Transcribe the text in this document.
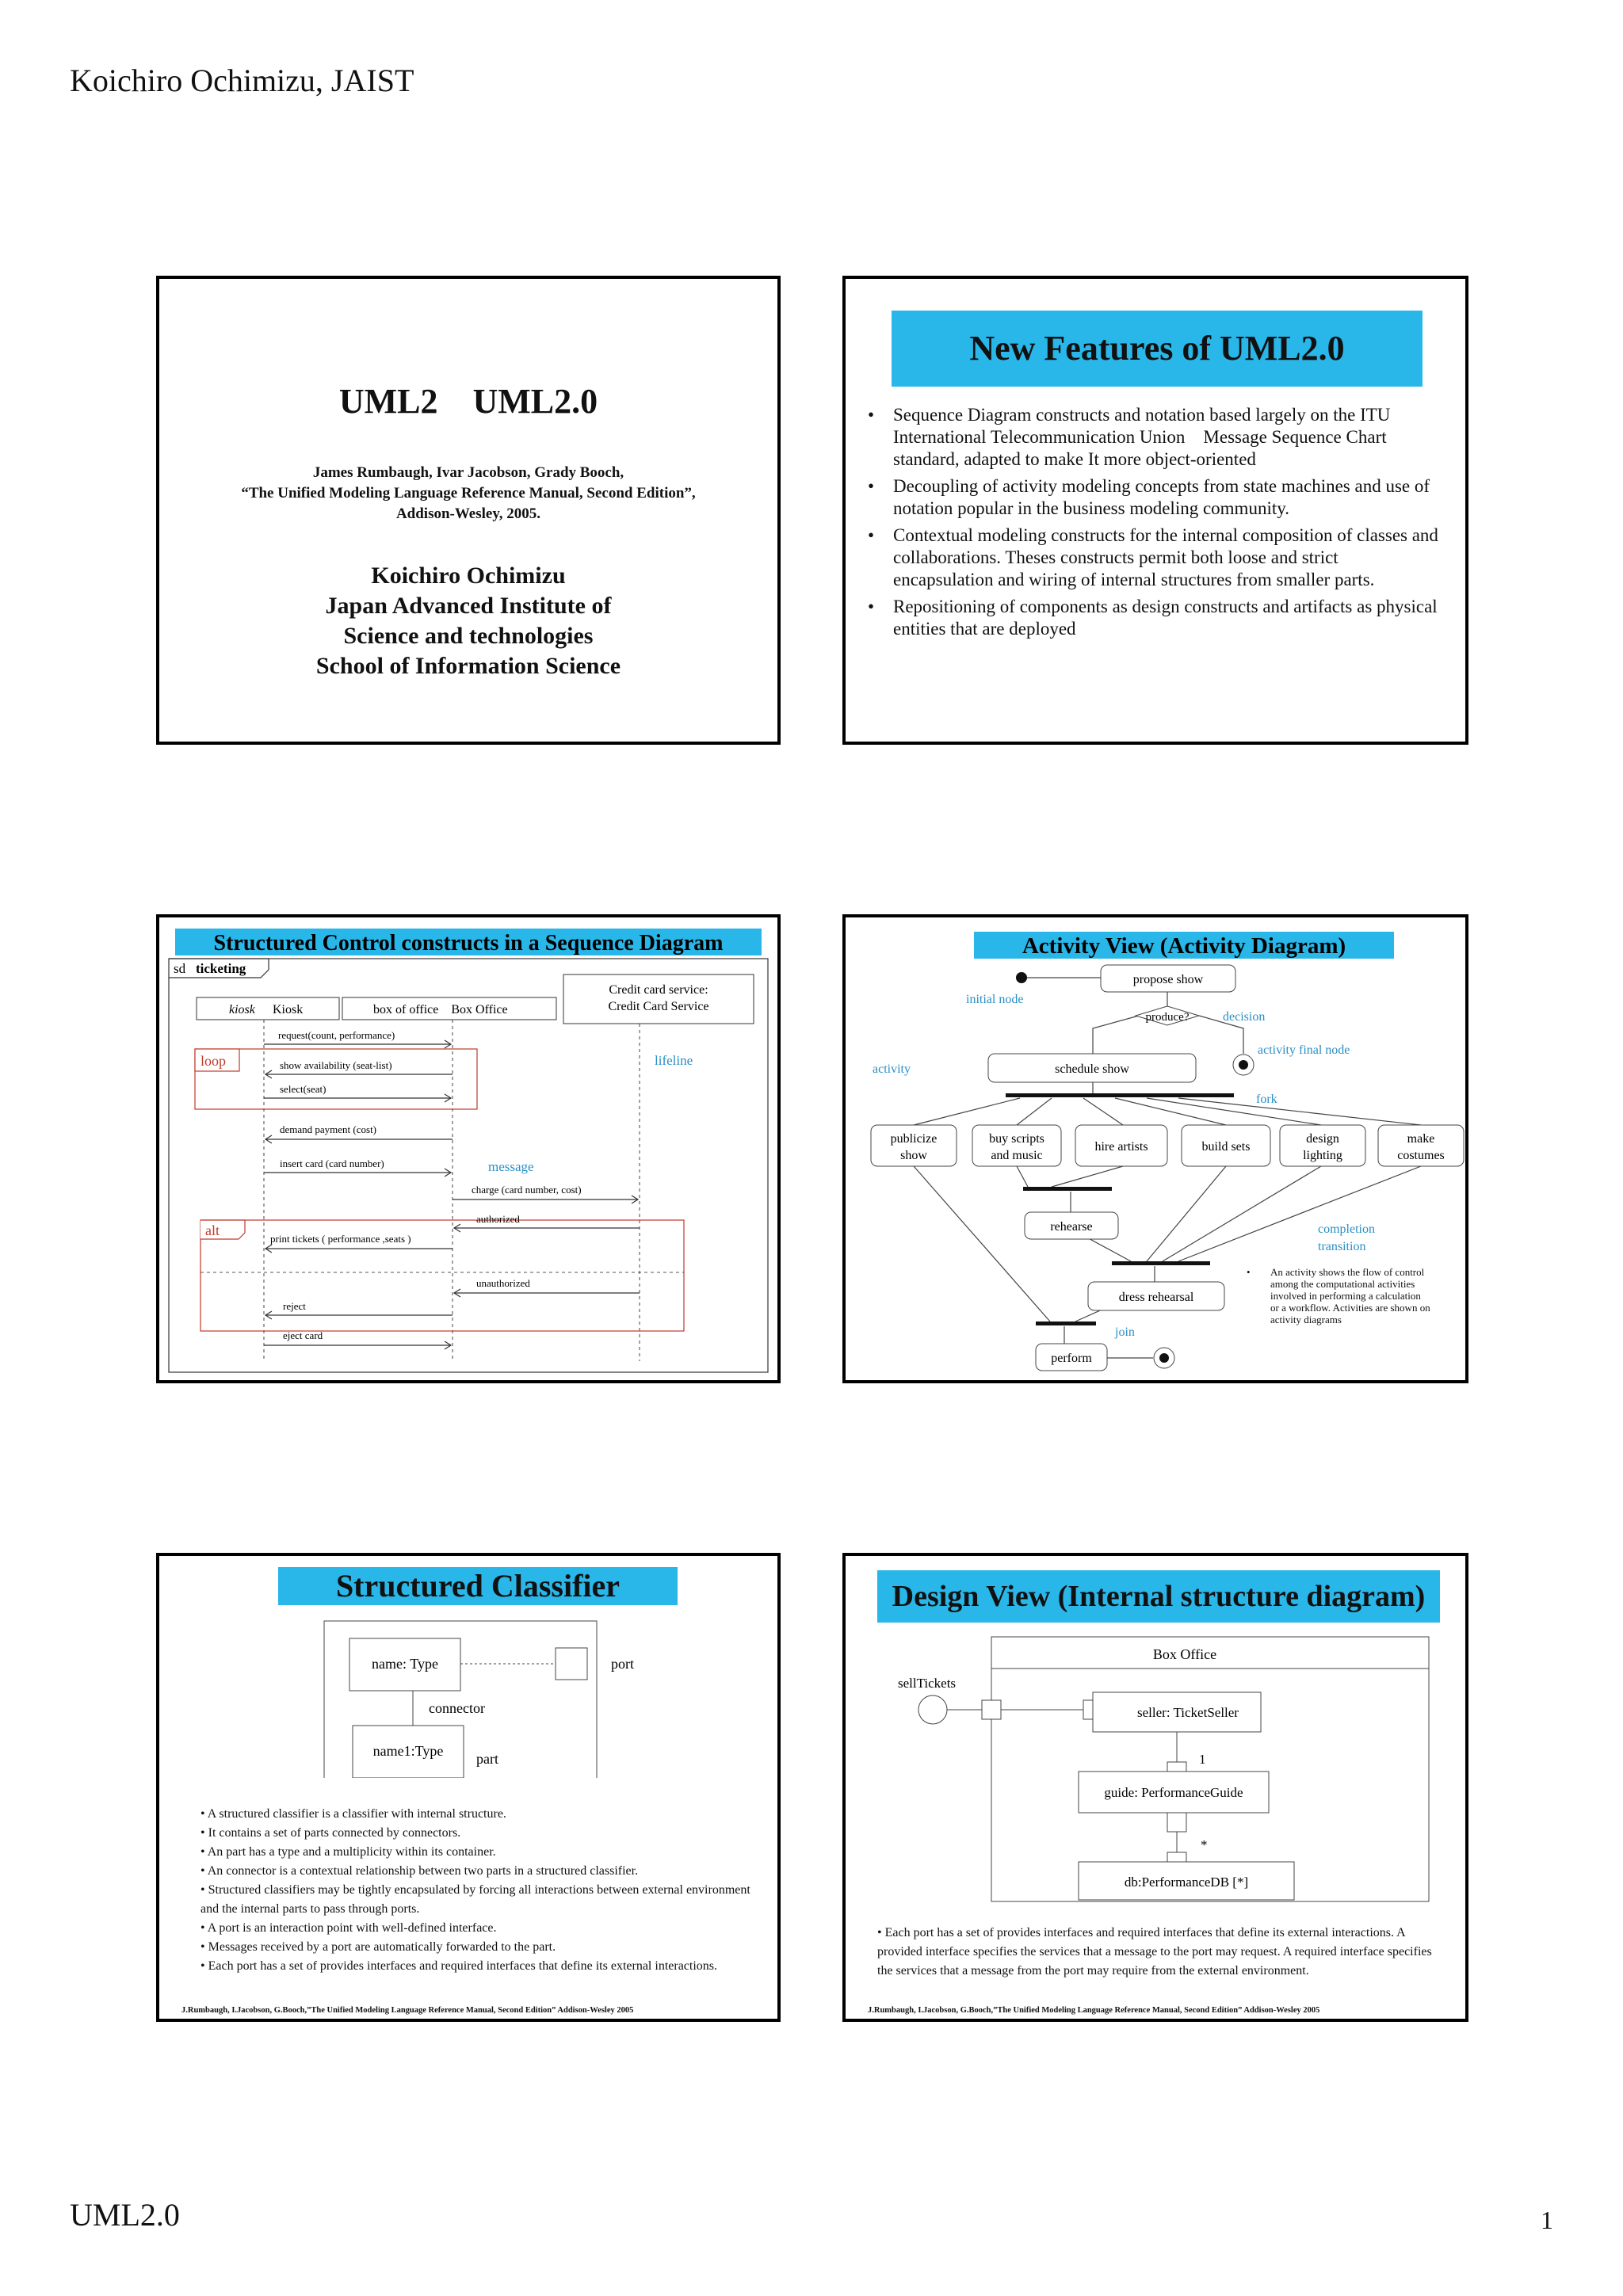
Koichiro Ochimizu, JAIST
UML2.0	1
UML2　UML2.0
James Rumbaugh, Ivar Jacobson, Grady Booch,
“The Unified Modeling Language Reference Manual, Second Edition”,
Addison-Wesley, 2005.
Koichiro Ochimizu
Japan Advanced Institute of
Science and technologies
School of Information Science
New Features of UML2.0
• Sequence Diagram constructs and notation based largely on the ITU　International Telecommunication Union　Message Sequence Chart standard, adapted to make It more object-oriented
• Decoupling of activity modeling concepts from state machines and use of notation popular in the business modeling community.
• Contextual modeling constructs for the internal composition of classes and collaborations. Theses constructs permit both loose and strict encapsulation and wiring of internal structures from smaller parts.
• Repositioning of components as design constructs and artifacts as physical entities that are deployed
Structured Control constructs in a Sequence Diagram
sd ticketing
kiosk Kiosk	box of office　Box Office
Credit card service:
Credit Card Service
loop
alt
lifeline
message
request(count, performance)
show availability (seat-list)
select(seat)
demand payment (cost)
insert card (card number)
charge (card number, cost)
authorized
print tickets ( performance ,seats )
unauthorized
reject
eject card
Activity View (Activity Diagram)
propose show
produce?
schedule show
publicize
show
buy scripts
and music
hire artists	build sets
design
lighting
make
costumes
rehearse
dress rehearsal
perform
initial node
decision
activity final node
activity
fork
completion
transition
join
• An activity shows the flow of control among the computational activities involved in performing a calculation or a workflow. Activities are shown on activity diagrams
Structured Classifier
name: Type	port
connector
name1:Type part
• A structured classifier is a classifier with internal structure.
• It contains a set of parts connected by connectors.
• An part has a type and a multiplicity within its container.
• An connector is a contextual relationship between two parts in a structured classifier.
• Structured classifiers may be tightly encapsulated by forcing all interactions between external environment and the internal parts to pass through ports.
• A port is an interaction point with well-defined interface.
• Messages received by a port are automatically forwarded to the part.
• Each port has a set of provides interfaces and required interfaces that define its external interactions.
J.Rumbaugh, I.Jacobson, G.Booch,”The Unified Modeling Language Reference Manual, Second Edition” Addison-Wesley 2005
Design View (Internal structure diagram)
Box Office
sellTickets
seller: TicketSeller
1
guide: PerformanceGuide
*
db:PerformanceDB [*]
• Each port has a set of provides interfaces and required interfaces that define its external interactions. A provided interface specifies the services that a message to the port may request. A required interface specifies the services that a message from the port may require from the external environment.
J.Rumbaugh, I.Jacobson, G.Booch,”The Unified Modeling Language Reference Manual, Second Edition” Addison-Wesley 2005
